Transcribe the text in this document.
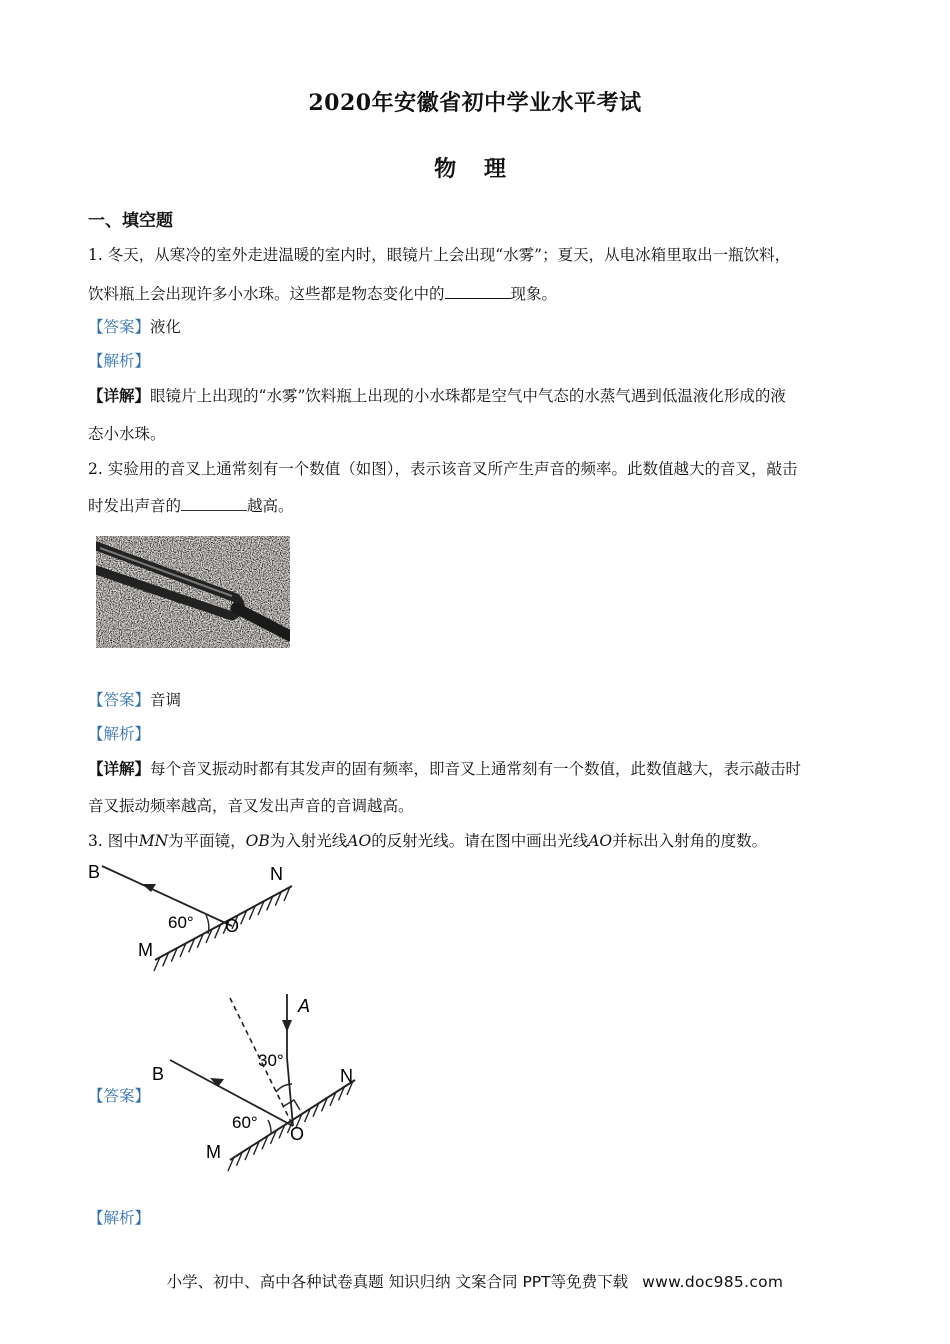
2020年安徽省初中学业水平考试
物 理
一、填空题
1. 冬天，从寒冷的室外走进温暖的室内时，眼镜片上会出现“水雾”；夏天，从电冰箱里取出一瓶饮料，
饮料瓶上会出现许多小水珠。这些都是物态变化中的	现象。
【答案】液化
【解析】
【详解】眼镜片上出现的“水雾”饮料瓶上出现的小水珠都是空气中气态的水蒸气遇到低温液化形成的液
态小水珠。
2. 实验用的音叉上通常刻有一个数值（如图），表示该音叉所产生声音的频率。此数值越大的音叉，敲击
时发出声音的	越高。
【答案】音调
【解析】
【详解】每个音叉振动时都有其发声的固有频率，即音叉上通常刻有一个数值，此数值越大，表示敲击时
音叉振动频率越高，音叉发出声音的音调越高。
3. 图中MN为平面镜，OB为入射光线AO的反射光线。请在图中画出光线AO并标出入射角的度数。
B	N
O
M
60°
【答案】
A
B	N
O
M
30°
60°
【解析】
小学、初中、高中各种试卷真题 知识归纳 文案合同 PPT等免费下载 www.doc985.com
